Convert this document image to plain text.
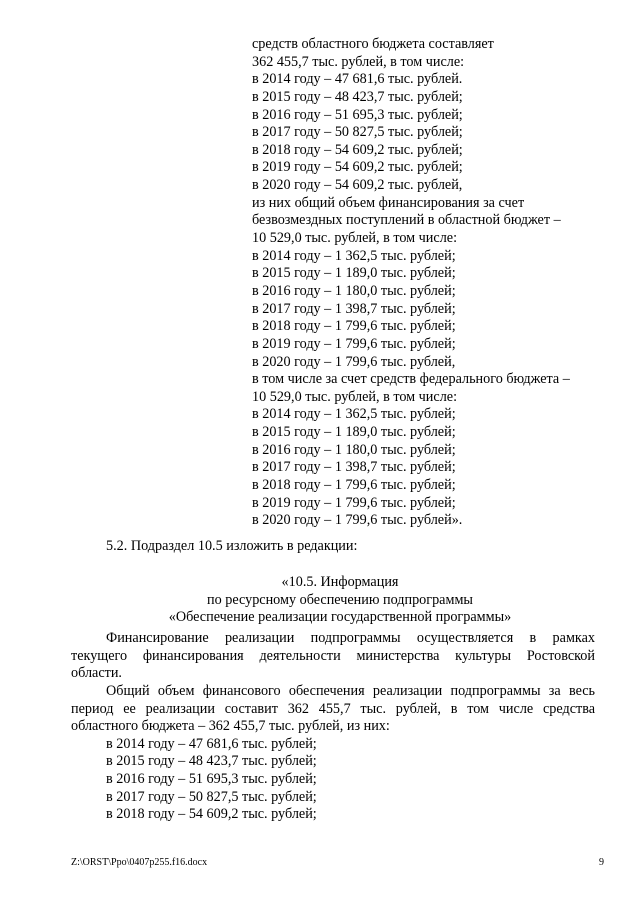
средств областного бюджета составляет
362 455,7 тыс. рублей, в том числе:
в 2014 году – 47 681,6 тыс. рублей.
в 2015 году – 48 423,7 тыс. рублей;
в 2016 году – 51 695,3 тыс. рублей;
в 2017 году – 50 827,5 тыс. рублей;
в 2018 году – 54 609,2 тыс. рублей;
в 2019 году – 54 609,2 тыс. рублей;
в 2020 году – 54 609,2 тыс. рублей,
из них общий объем финансирования за счет
безвозмездных поступлений в областной бюджет –
10 529,0 тыс. рублей, в том числе:
в 2014 году – 1 362,5 тыс. рублей;
в 2015 году – 1 189,0 тыс. рублей;
в 2016 году – 1 180,0 тыс. рублей;
в 2017 году – 1 398,7 тыс. рублей;
в 2018 году – 1 799,6 тыс. рублей;
в 2019 году – 1 799,6 тыс. рублей;
в 2020 году – 1 799,6 тыс. рублей,
в том числе за счет средств федерального бюджета –
10 529,0 тыс. рублей, в том числе:
в 2014 году – 1 362,5 тыс. рублей;
в 2015 году – 1 189,0 тыс. рублей;
в 2016 году – 1 180,0 тыс. рублей;
в 2017 году – 1 398,7 тыс. рублей;
в 2018 году – 1 799,6 тыс. рублей;
в 2019 году – 1 799,6 тыс. рублей;
в 2020 году – 1 799,6 тыс. рублей».
5.2. Подраздел 10.5 изложить в редакции:
«10.5. Информация
по ресурсному обеспечению подпрограммы
«Обеспечение реализации государственной программы»
Финансирование реализации подпрограммы осуществляется в рамках
текущего финансирования деятельности министерства культуры Ростовской
области.
Общий объем финансового обеспечения реализации подпрограммы за весь
период ее реализации составит 362 455,7 тыс. рублей, в том числе средства
областного бюджета – 362 455,7 тыс. рублей, из них:
в 2014 году – 47 681,6 тыс. рублей;
в 2015 году – 48 423,7 тыс. рублей;
в 2016 году – 51 695,3 тыс. рублей;
в 2017 году – 50 827,5 тыс. рублей;
в 2018 году – 54 609,2 тыс. рублей;
Z:\ORST\Ppo\0407p255.f16.docx	9
